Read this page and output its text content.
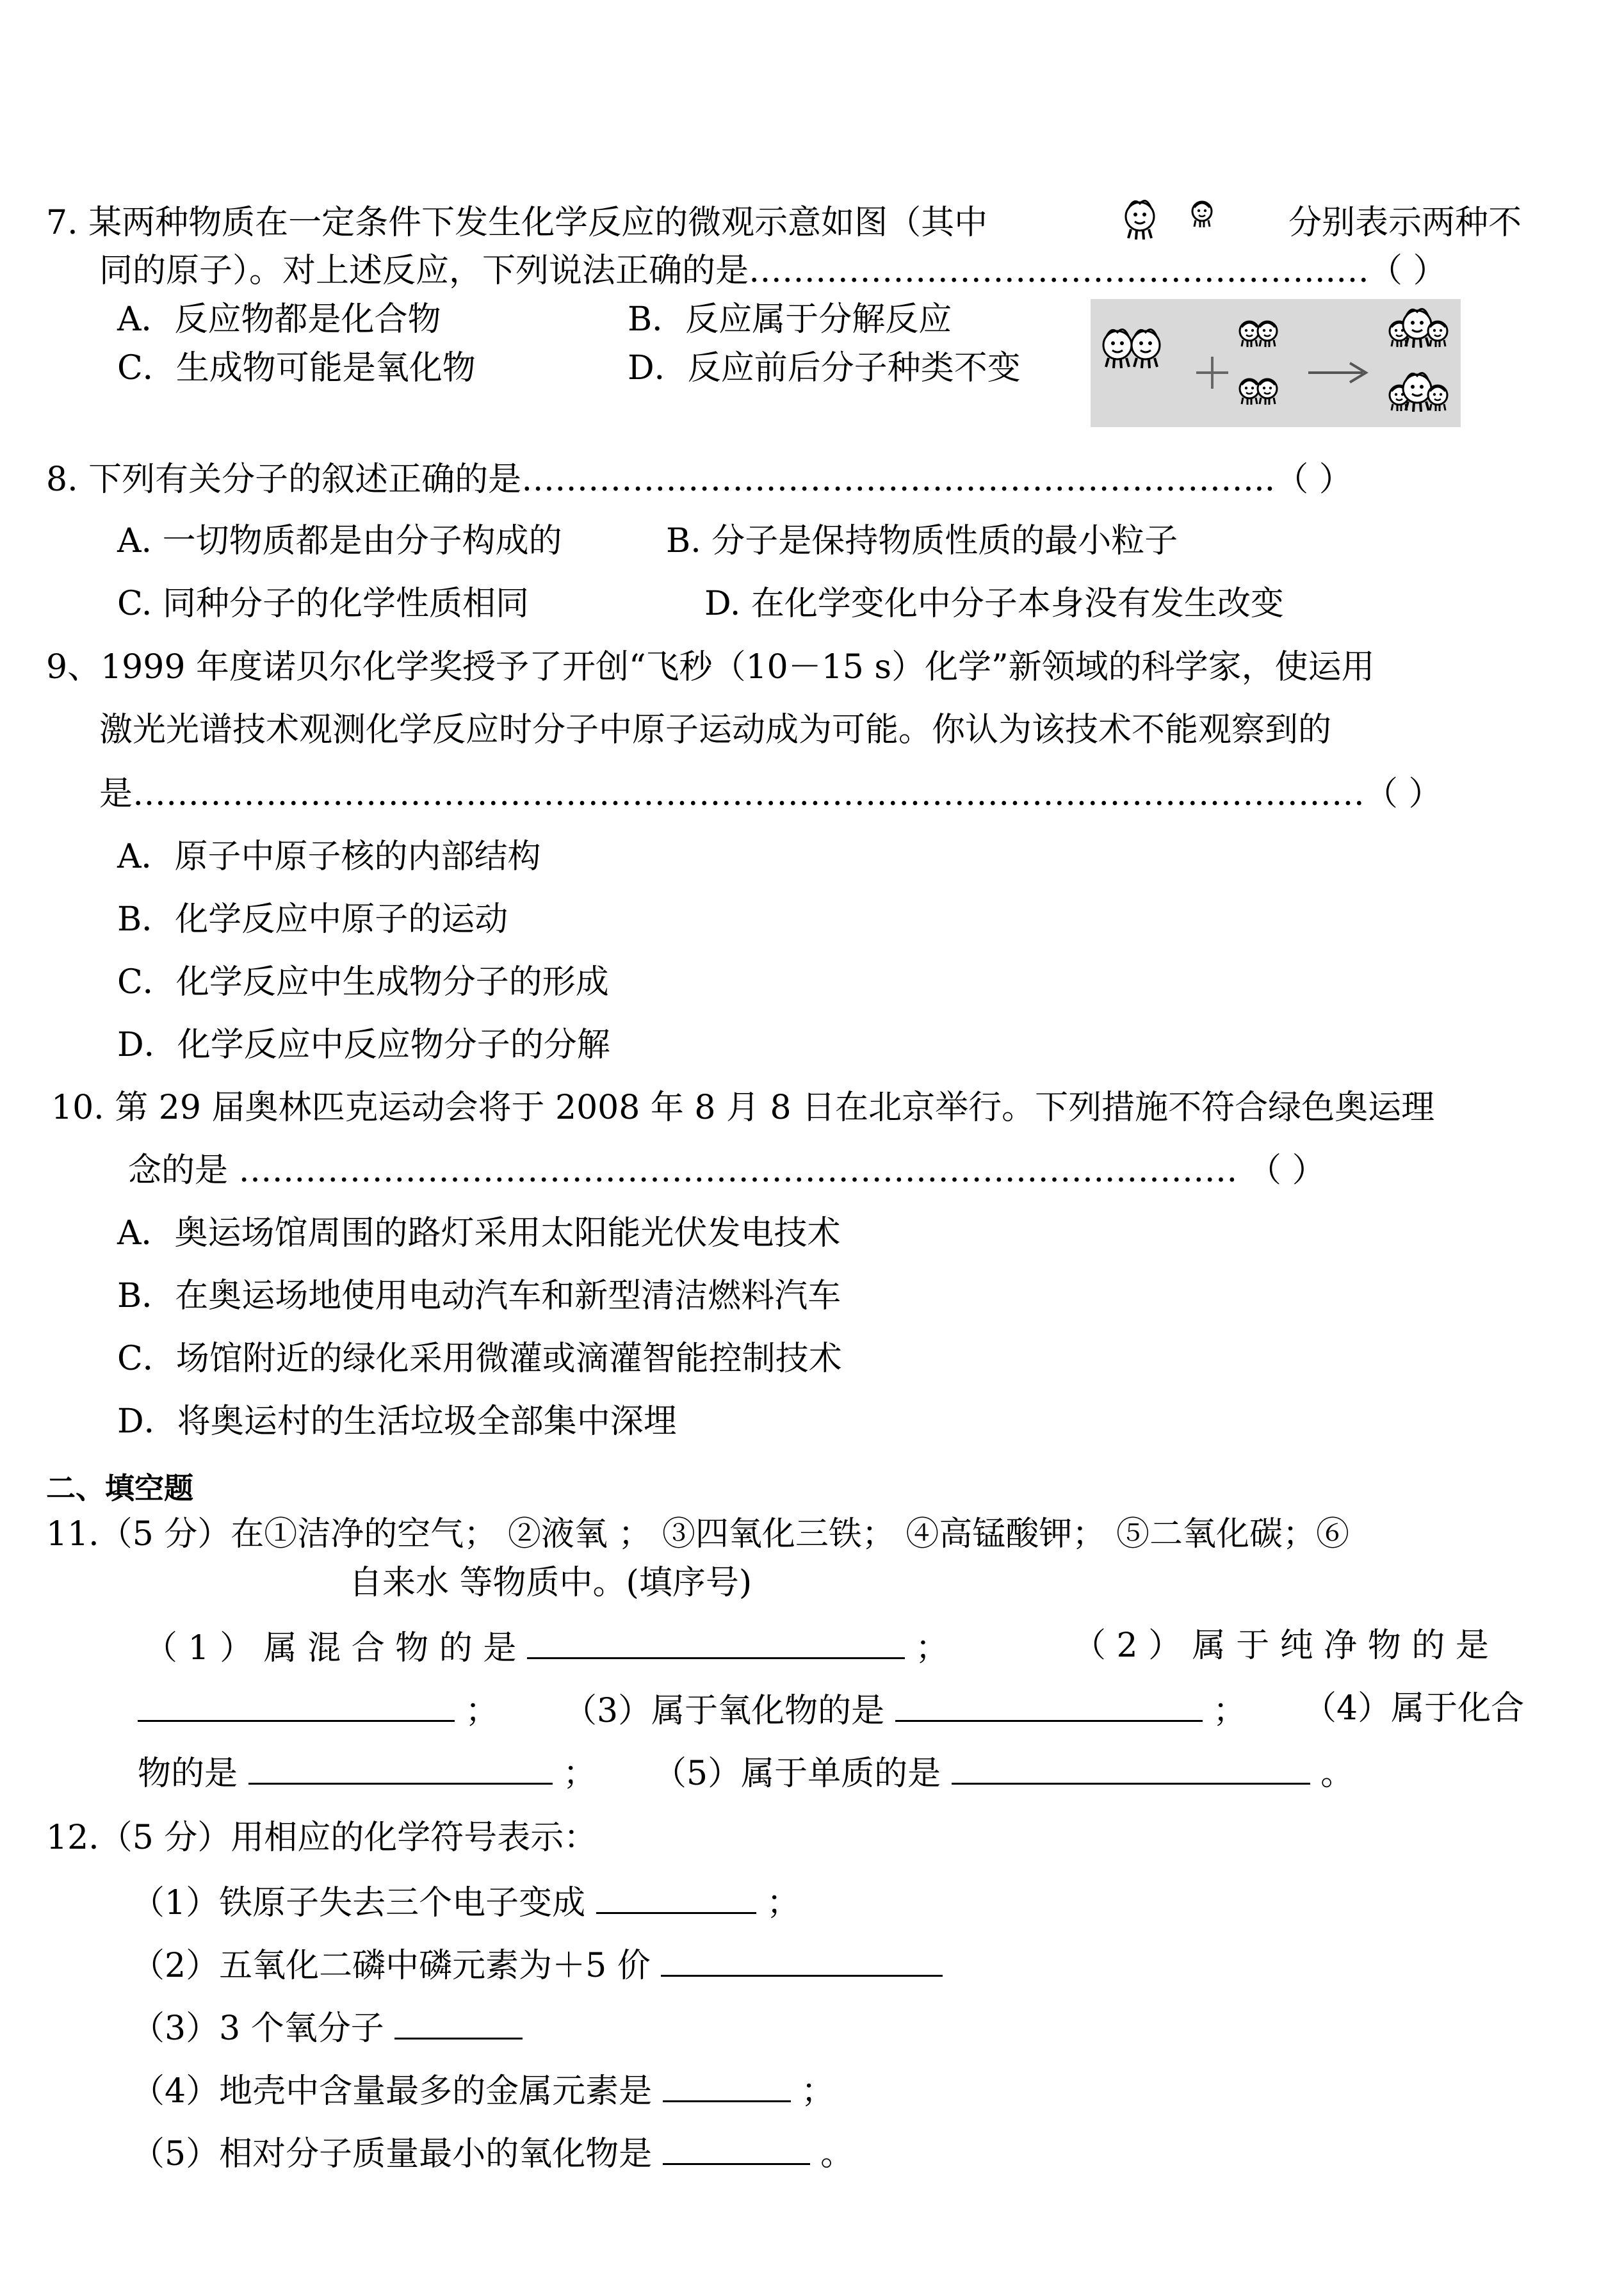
7. 某两种物质在一定条件下发生化学反应的微观示意如图（其中	分别表示两种不
同的原子）。对上述反应，下列说法正确的是……………………………………………..…（ ）
A．反应物都是化合物	B．反应属于分解反应
C．生成物可能是氧化物	D．反应前后分子种类不变
8. 下列有关分子的叙述正确的是…………………………………………………………..（ ）
A. 一切物质都是由分子构成的	B. 分子是保持物质性质的最小粒子
C. 同种分子的化学性质相同	D. 在化学变化中分子本身没有发生改变
9、1999 年度诺贝尔化学奖授予了开创“飞秒（10－15 s）化学”新领域的科学家，使运用
激光光谱技术观测化学反应时分子中原子运动成为可能。你认为该技术不能观察到的
是…………………………………………………………………………………………………（ ）
A．原子中原子核的内部结构
B．化学反应中原子的运动
C．化学反应中生成物分子的形成
D．化学反应中反应物分子的分解
10. 第 29 届奥林匹克运动会将于 2008 年 8 月 8 日在北京举行。下列措施不符合绿色奥运理
念的是 ……………………………………………………………………………… （ ）
A．奥运场馆周围的路灯采用太阳能光伏发电技术
B．在奥运场地使用电动汽车和新型清洁燃料汽车
C．场馆附近的绿化采用微灌或滴灌智能控制技术
D．将奥运村的生活垃圾全部集中深埋
二、填空题
11.（5 分）在①洁净的空气； ②液氧 ； ③四氧化三铁； ④高锰酸钾； ⑤二氧化碳；⑥
自来水 等物质中。(填序号)
（ 1 ） 属 混 合 物 的 是	；	（ 2 ） 属 于 纯 净 物 的 是
； （3）属于氧化物的是	； （4）属于化合
物的是	； （5）属于单质的是	。
12.（5 分）用相应的化学符号表示：
（1）铁原子失去三个电子变成	；
（2）五氧化二磷中磷元素为＋5 价
（3）3 个氧分子
（4）地壳中含量最多的金属元素是	；
（5）相对分子质量最小的氧化物是	。
